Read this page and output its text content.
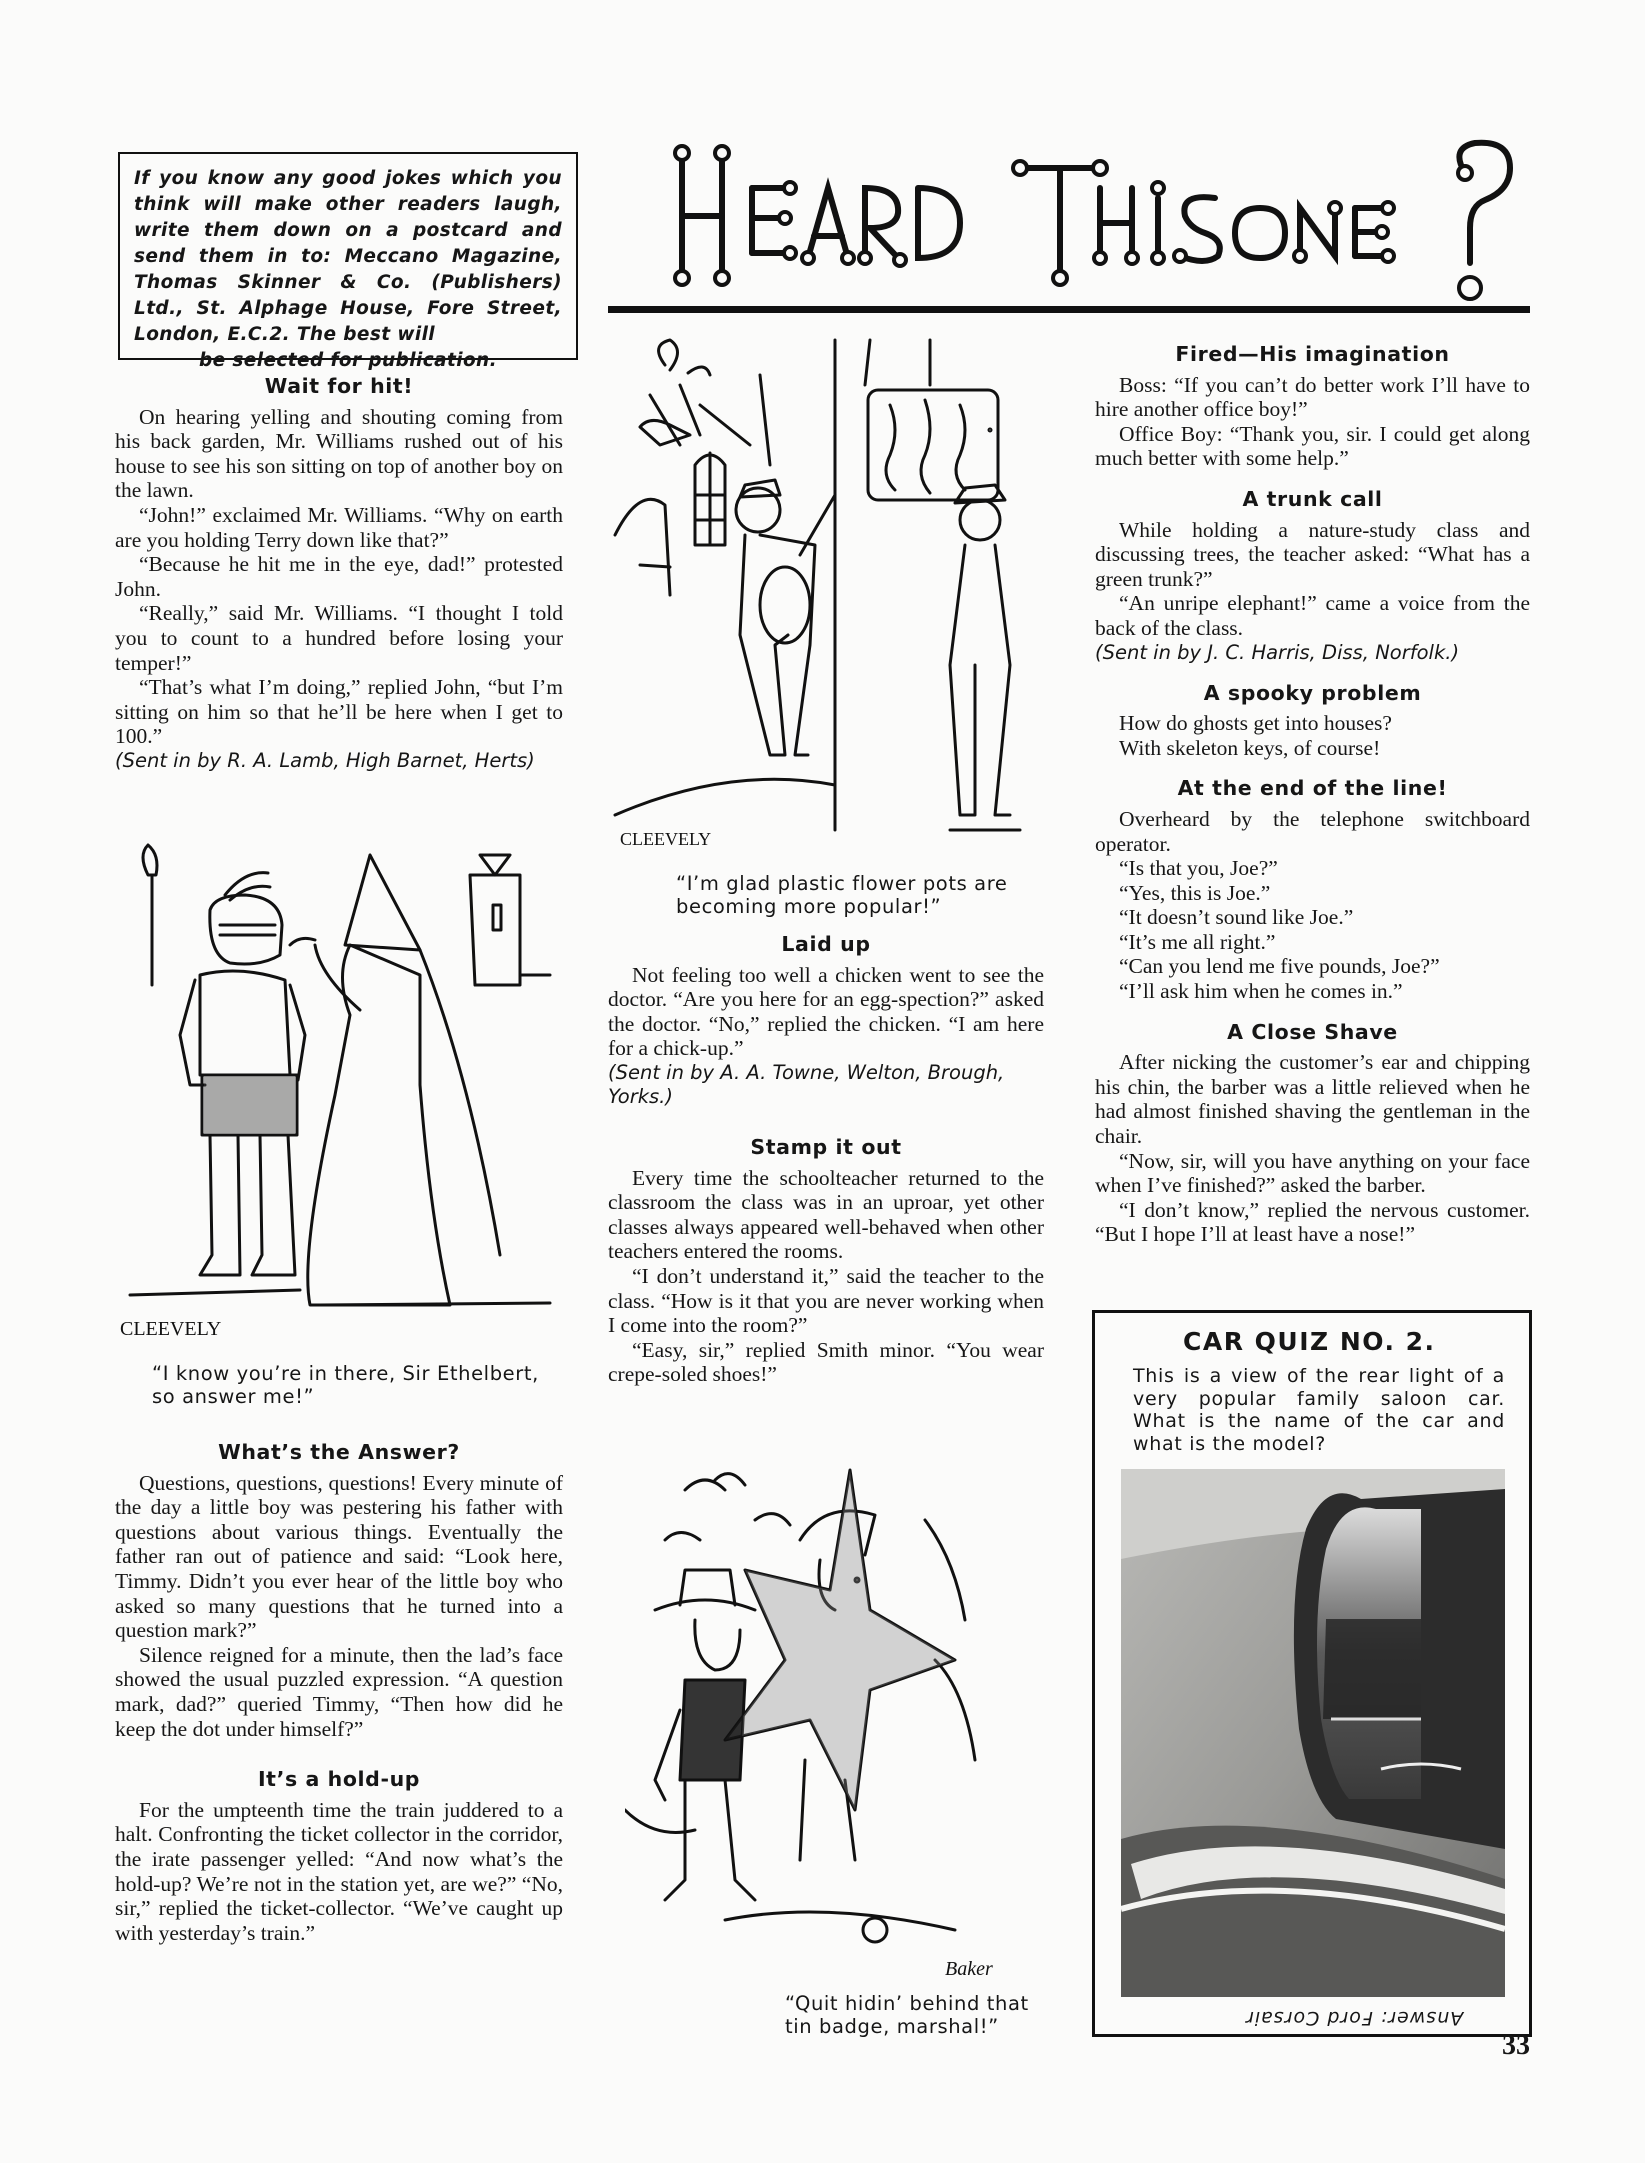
If you know any good jokes which you think will make other readers laugh, write them down on a postcard and send them in to: Meccano Magazine, Thomas Skinner & Co. (Publishers) Ltd., St. Alphage House, Fore Street, London, E.C.2. The best will
be selected for publication.
Wait for hit!

On hearing yelling and shouting coming from his back garden, Mr. Williams rushed out of his house to see his son sitting on top of another boy on the lawn.

“John!” exclaimed Mr. Williams. “Why on earth are you holding Terry down like that?”

“Because he hit me in the eye, dad!” protested John.

“Really,” said Mr. Williams. “I thought I told you to count to a hundred before losing your temper!”

“That’s what I’m doing,” replied John, “but I’m sitting on him so that he’ll be here when I get to 100.”

(Sent in by R. A. Lamb, High Barnet, Herts)

CLEEVELY
“I know you’re in there, Sir Ethelbert, so answer me!”
What’s the Answer?

Questions, questions, questions! Every minute of the day a little boy was pestering his father with questions about various things. Eventually the father ran out of patience and said: “Look here, Timmy. Didn’t you ever hear of the little boy who asked so many questions that he turned into a question mark?”

Silence reigned for a minute, then the lad’s face showed the usual puzzled expression. “A question mark, dad?” queried Timmy, “Then how did he keep the dot under himself?”

It’s a hold-up

For the umpteenth time the train juddered to a halt. Confronting the ticket collector in the corridor, the irate passenger yelled: “And now what’s the hold-up? We’re not in the station yet, are we?” “No, sir,” replied the ticket-collector. “We’ve caught up with yesterday’s train.”

CLEEVELY
“I’m glad plastic flower pots are becoming more popular!”
Laid up

Not feeling too well a chicken went to see the doctor. “Are you here for an egg-spection?” asked the doctor. “No,” replied the chicken. “I am here for a chick-up.”

(Sent in by A. A. Towne, Welton, Brough, Yorks.)

Stamp it out

Every time the schoolteacher returned to the classroom the class was in an uproar, yet other classes always appeared well-behaved when other teachers entered the rooms.

“I don’t understand it,” said the teacher to the class. “How is it that you are never working when I come into the room?”

“Easy, sir,” replied Smith minor. “You wear crepe-soled shoes!”

Baker
“Quit hidin’ behind that tin badge, marshal!”
Fired—His imagination

Boss: “If you can’t do better work I’ll have to hire another office boy!”

Office Boy: “Thank you, sir. I could get along much better with some help.”

A trunk call

While holding a nature-study class and discussing trees, the teacher asked: “What has a green trunk?”

“An unripe elephant!” came a voice from the back of the class.

(Sent in by J. C. Harris, Diss, Norfolk.)

A spooky problem

How do ghosts get into houses?

With skeleton keys, of course!

At the end of the line!

Overheard by the telephone switchboard operator.

“Is that you, Joe?”

“Yes, this is Joe.”

“It doesn’t sound like Joe.”

“It’s me all right.”

“Can you lend me five pounds, Joe?”

“I’ll ask him when he comes in.”

A Close Shave

After nicking the customer’s ear and chipping his chin, the barber was a little relieved when he had almost finished shaving the gentleman in the chair.

“Now, sir, will you have anything on your face when I’ve finished?” asked the barber.

“I don’t know,” replied the nervous customer. “But I hope I’ll at least have a nose!”

CAR QUIZ NO. 2.
This is a view of the rear light of a very popular family saloon car. What is the name of the car and what is the model?
Answer: Ford Corsair
33
